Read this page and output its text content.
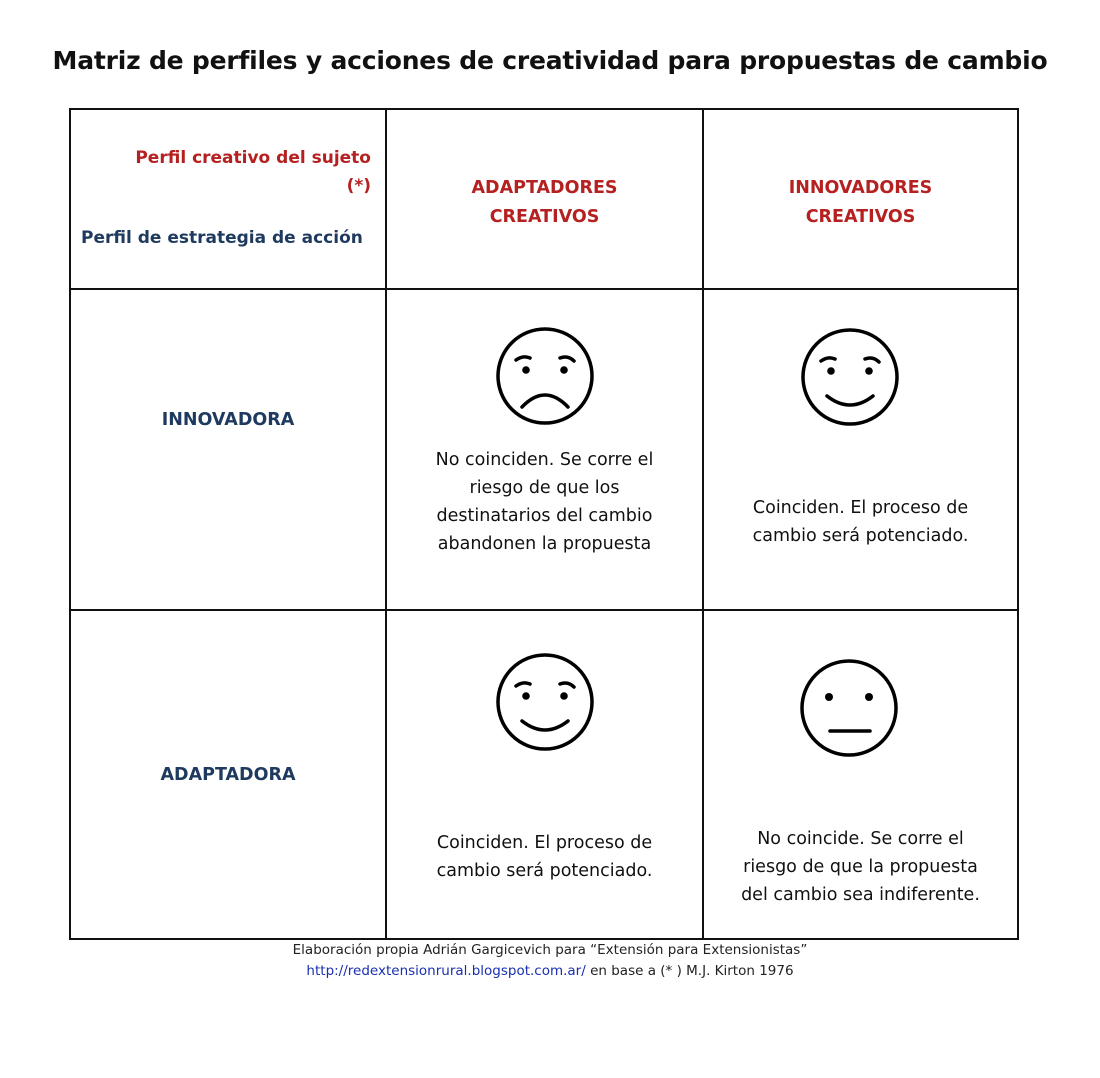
Matriz de perfiles y acciones de creatividad para propuestas de cambio
Perfil creativo del sujeto
(*)
Perfil de estrategia de acción
ADAPTADORES
CREATIVOS
INNOVADORES
CREATIVOS
INNOVADORA
ADAPTADORA
No coinciden. Se corre el
riesgo de que los
destinatarios del cambio
abandonen la propuesta
Coinciden. El proceso de
cambio será potenciado.
Coinciden. El proceso de
cambio será potenciado.
No coincide. Se corre el
riesgo de que la propuesta
del cambio sea indiferente.
Elaboración propia Adrián Gargicevich para “Extensión para Extensionistas”
http://redextensionrural.blogspot.com.ar/ en base a (* ) M.J. Kirton 1976
